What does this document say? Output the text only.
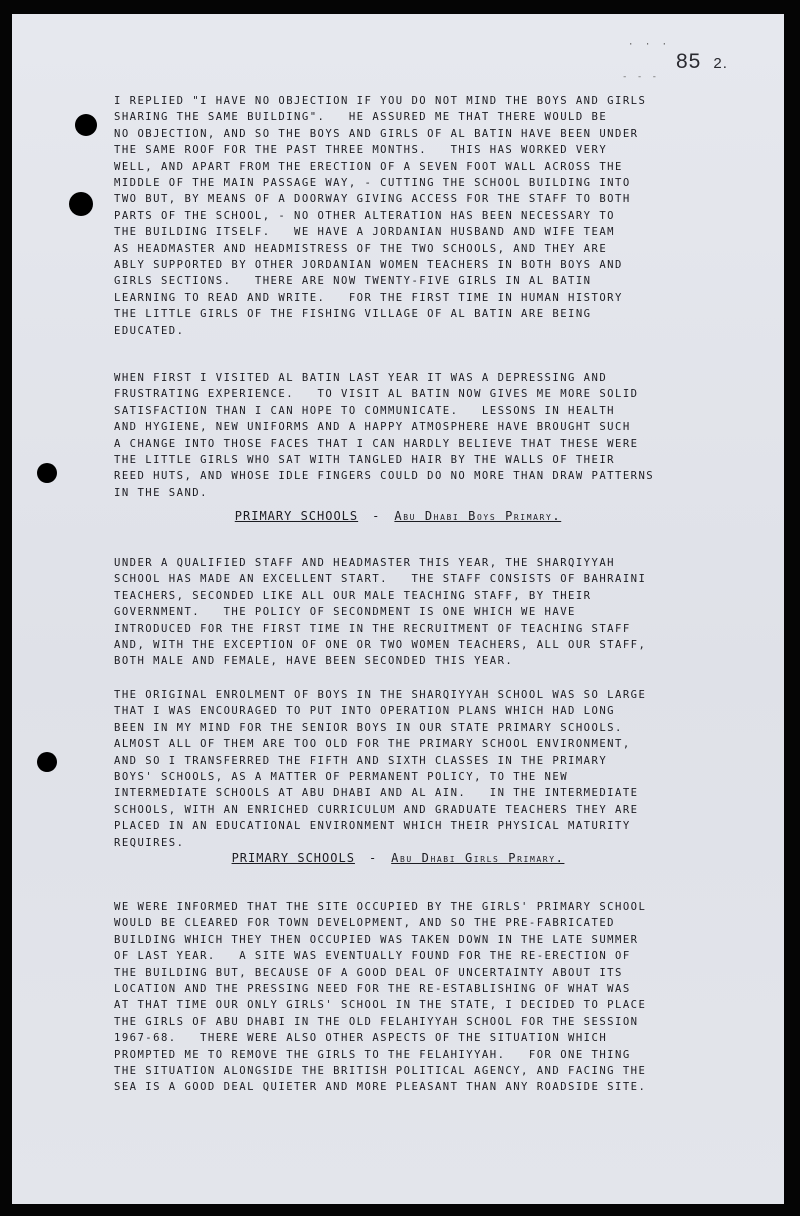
· · ·
- - -
85 2.
I REPLIED "I HAVE NO OBJECTION IF YOU DO NOT MIND THE BOYS AND GIRLS
SHARING THE SAME BUILDING".   HE ASSURED ME THAT THERE WOULD BE
NO OBJECTION, AND SO THE BOYS AND GIRLS OF AL BATIN HAVE BEEN UNDER
THE SAME ROOF FOR THE PAST THREE MONTHS.   THIS HAS WORKED VERY
WELL, AND APART FROM THE ERECTION OF A SEVEN FOOT WALL ACROSS THE
MIDDLE OF THE MAIN PASSAGE WAY, - CUTTING THE SCHOOL BUILDING INTO
TWO BUT, BY MEANS OF A DOORWAY GIVING ACCESS FOR THE STAFF TO BOTH
PARTS OF THE SCHOOL, - NO OTHER ALTERATION HAS BEEN NECESSARY TO
THE BUILDING ITSELF.   WE HAVE A JORDANIAN HUSBAND AND WIFE TEAM
AS HEADMASTER AND HEADMISTRESS OF THE TWO SCHOOLS, AND THEY ARE
ABLY SUPPORTED BY OTHER JORDANIAN WOMEN TEACHERS IN BOTH BOYS AND
GIRLS SECTIONS.   THERE ARE NOW TWENTY-FIVE GIRLS IN AL BATIN
LEARNING TO READ AND WRITE.   FOR THE FIRST TIME IN HUMAN HISTORY
THE LITTLE GIRLS OF THE FISHING VILLAGE OF AL BATIN ARE BEING
EDUCATED.
WHEN FIRST I VISITED AL BATIN LAST YEAR IT WAS A DEPRESSING AND
FRUSTRATING EXPERIENCE.   TO VISIT AL BATIN NOW GIVES ME MORE SOLID
SATISFACTION THAN I CAN HOPE TO COMMUNICATE.   LESSONS IN HEALTH
AND HYGIENE, NEW UNIFORMS AND A HAPPY ATMOSPHERE HAVE BROUGHT SUCH
A CHANGE INTO THOSE FACES THAT I CAN HARDLY BELIEVE THAT THESE WERE
THE LITTLE GIRLS WHO SAT WITH TANGLED HAIR BY THE WALLS OF THEIR
REED HUTS, AND WHOSE IDLE FINGERS COULD DO NO MORE THAN DRAW PATTERNS
IN THE SAND.
PRIMARY SCHOOLS - Abu Dhabi Boys Primary.
UNDER A QUALIFIED STAFF AND HEADMASTER THIS YEAR, THE SHARQIYYAH
SCHOOL HAS MADE AN EXCELLENT START.   THE STAFF CONSISTS OF BAHRAINI
TEACHERS, SECONDED LIKE ALL OUR MALE TEACHING STAFF, BY THEIR
GOVERNMENT.   THE POLICY OF SECONDMENT IS ONE WHICH WE HAVE
INTRODUCED FOR THE FIRST TIME IN THE RECRUITMENT OF TEACHING STAFF
AND, WITH THE EXCEPTION OF ONE OR TWO WOMEN TEACHERS, ALL OUR STAFF,
BOTH MALE AND FEMALE, HAVE BEEN SECONDED THIS YEAR.
THE ORIGINAL ENROLMENT OF BOYS IN THE SHARQIYYAH SCHOOL WAS SO LARGE
THAT I WAS ENCOURAGED TO PUT INTO OPERATION PLANS WHICH HAD LONG
BEEN IN MY MIND FOR THE SENIOR BOYS IN OUR STATE PRIMARY SCHOOLS.
ALMOST ALL OF THEM ARE TOO OLD FOR THE PRIMARY SCHOOL ENVIRONMENT,
AND SO I TRANSFERRED THE FIFTH AND SIXTH CLASSES IN THE PRIMARY
BOYS' SCHOOLS, AS A MATTER OF PERMANENT POLICY, TO THE NEW
INTERMEDIATE SCHOOLS AT ABU DHABI AND AL AIN.   IN THE INTERMEDIATE
SCHOOLS, WITH AN ENRICHED CURRICULUM AND GRADUATE TEACHERS THEY ARE
PLACED IN AN EDUCATIONAL ENVIRONMENT WHICH THEIR PHYSICAL MATURITY
REQUIRES.
PRIMARY SCHOOLS - Abu Dhabi Girls Primary.
WE WERE INFORMED THAT THE SITE OCCUPIED BY THE GIRLS' PRIMARY SCHOOL
WOULD BE CLEARED FOR TOWN DEVELOPMENT, AND SO THE PRE-FABRICATED
BUILDING WHICH THEY THEN OCCUPIED WAS TAKEN DOWN IN THE LATE SUMMER
OF LAST YEAR.   A SITE WAS EVENTUALLY FOUND FOR THE RE-ERECTION OF
THE BUILDING BUT, BECAUSE OF A GOOD DEAL OF UNCERTAINTY ABOUT ITS
LOCATION AND THE PRESSING NEED FOR THE RE-ESTABLISHING OF WHAT WAS
AT THAT TIME OUR ONLY GIRLS' SCHOOL IN THE STATE, I DECIDED TO PLACE
THE GIRLS OF ABU DHABI IN THE OLD FELAHIYYAH SCHOOL FOR THE SESSION
1967-68.   THERE WERE ALSO OTHER ASPECTS OF THE SITUATION WHICH
PROMPTED ME TO REMOVE THE GIRLS TO THE FELAHIYYAH.   FOR ONE THING
THE SITUATION ALONGSIDE THE BRITISH POLITICAL AGENCY, AND FACING THE
SEA IS A GOOD DEAL QUIETER AND MORE PLEASANT THAN ANY ROADSIDE SITE.
